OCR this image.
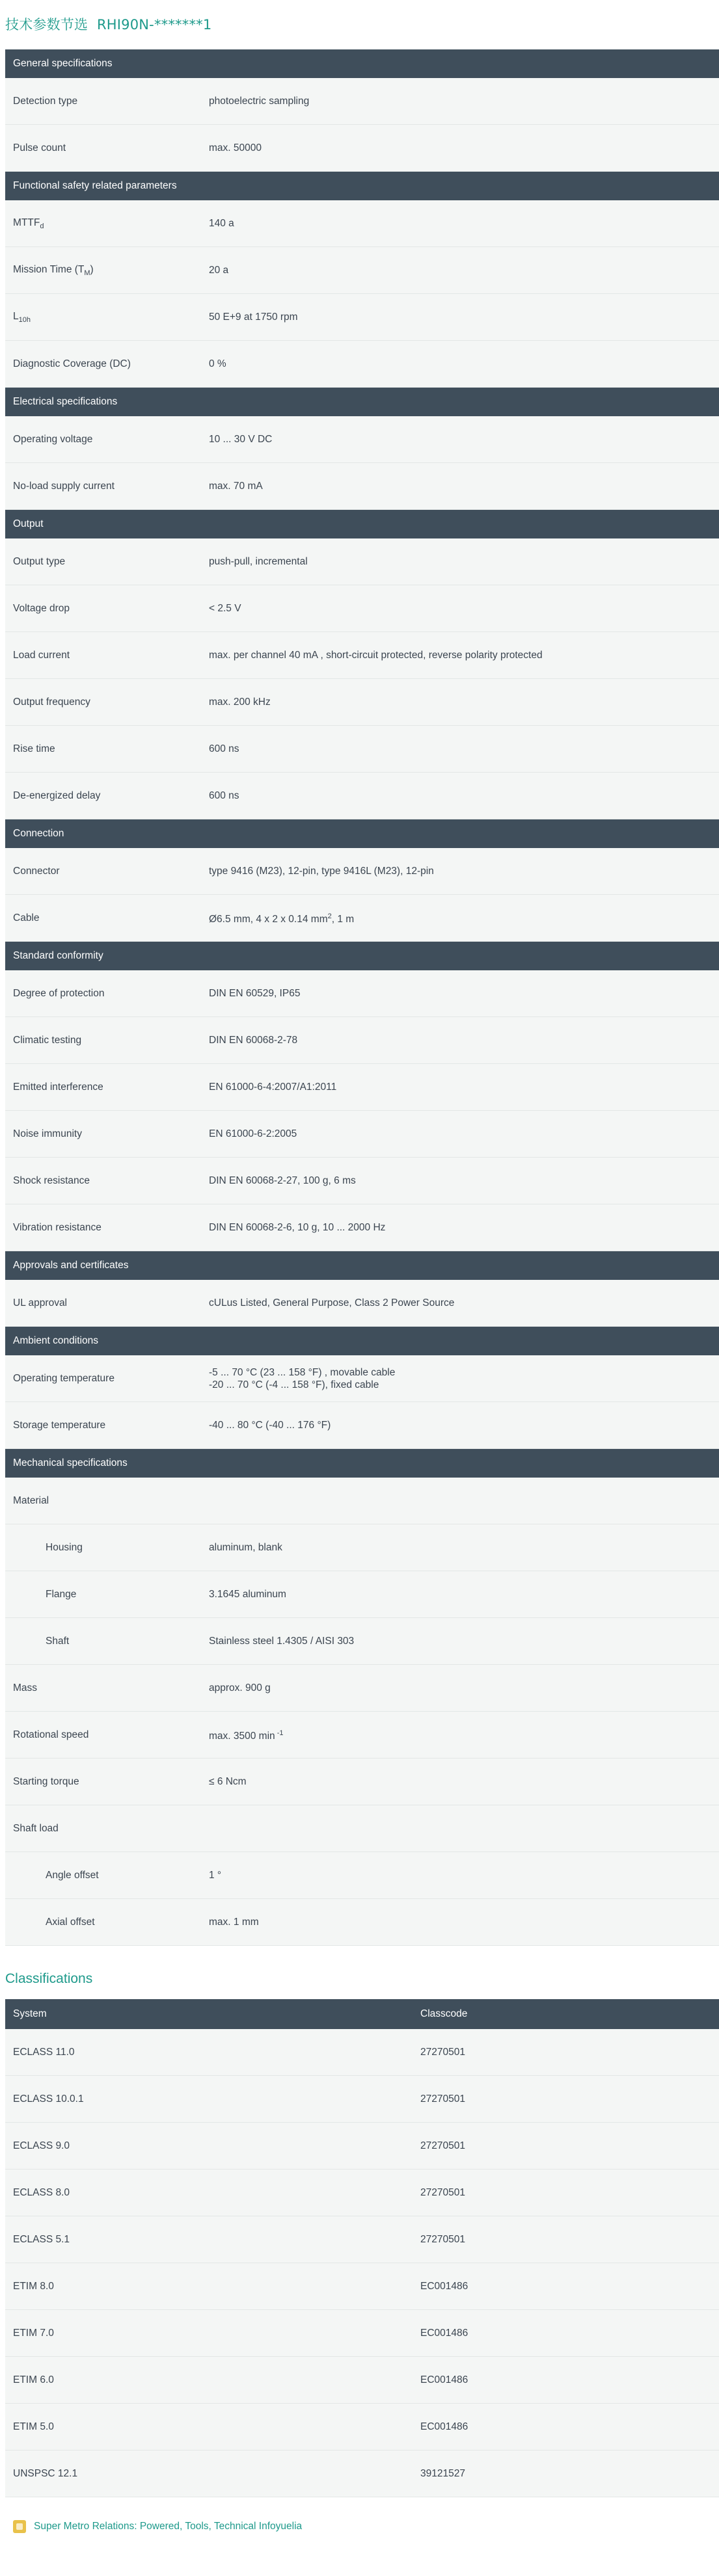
技术参数节选 RHI90N-*******1
General specifications
Detection type	photoelectric sampling
Pulse count	max. 50000
Functional safety related parameters
$MTTF_d$	140 a
Mission Time $(T_M)$	20 a
$L_{10h}$	50 E+9 at 1750 rpm
Diagnostic Coverage (DC)	0 %
Electrical specifications
Operating voltage	10 ... 30 V DC
No-load supply current	max. 70 mA
Output
Output type	push-pull, incremental
Voltage drop	< 2.5 V
Load current	max. per channel 40 mA , short-circuit protected, reverse polarity protected
Output frequency	max. 200 kHz
Rise time	600 ns
De-energized delay	600 ns
Connection
Connector	type 9416 (M23), 12-pin, type 9416L (M23), 12-pin
Cable	Ø6.5 mm, 4 x 2 x 0.14 $mm^2$, 1 m
Standard conformity
Degree of protection	DIN EN 60529, IP65
Climatic testing	DIN EN 60068-2-78
Emitted interference	EN 61000-6-4:2007/A1:2011
Noise immunity	EN 61000-6-2:2005
Shock resistance	DIN EN 60068-2-27, 100 g, 6 ms
Vibration resistance	DIN EN 60068-2-6, 10 g, 10 ... 2000 Hz
Approvals and certificates
UL approval	cULus Listed, General Purpose, Class 2 Power Source
Ambient conditions
Operating temperature
-5 ... 70 °C (23 ... 158 °F) , movable cable
-20 ... 70 °C (-4 ... 158 °F), fixed cable
Storage temperature	-40 ... 80 °C (-40 ... 176 °F)
Mechanical specifications
Material
Housing	aluminum, blank
Flange	3.1645 aluminum
Shaft	Stainless steel 1.4305 / AISI 303
Mass	approx. 900 g
Rotational speed	max. 3500 min $^{-1}$
Starting torque	≤ 6 Ncm
Shaft load
Angle offset	1 °
Axial offset	max. 1 mm
Classifications
System	Classcode
ECLASS 11.0	27270501
ECLASS 10.0.1	27270501
ECLASS 9.0	27270501
ECLASS 8.0	27270501
ECLASS 5.1	27270501
ETIM 8.0	EC001486
ETIM 7.0	EC001486
ETIM 6.0	EC001486
ETIM 5.0	EC001486
UNSPSC 12.1	39121527
Super Metro Relations: Powered, Tools, Technical Infoyuelia
